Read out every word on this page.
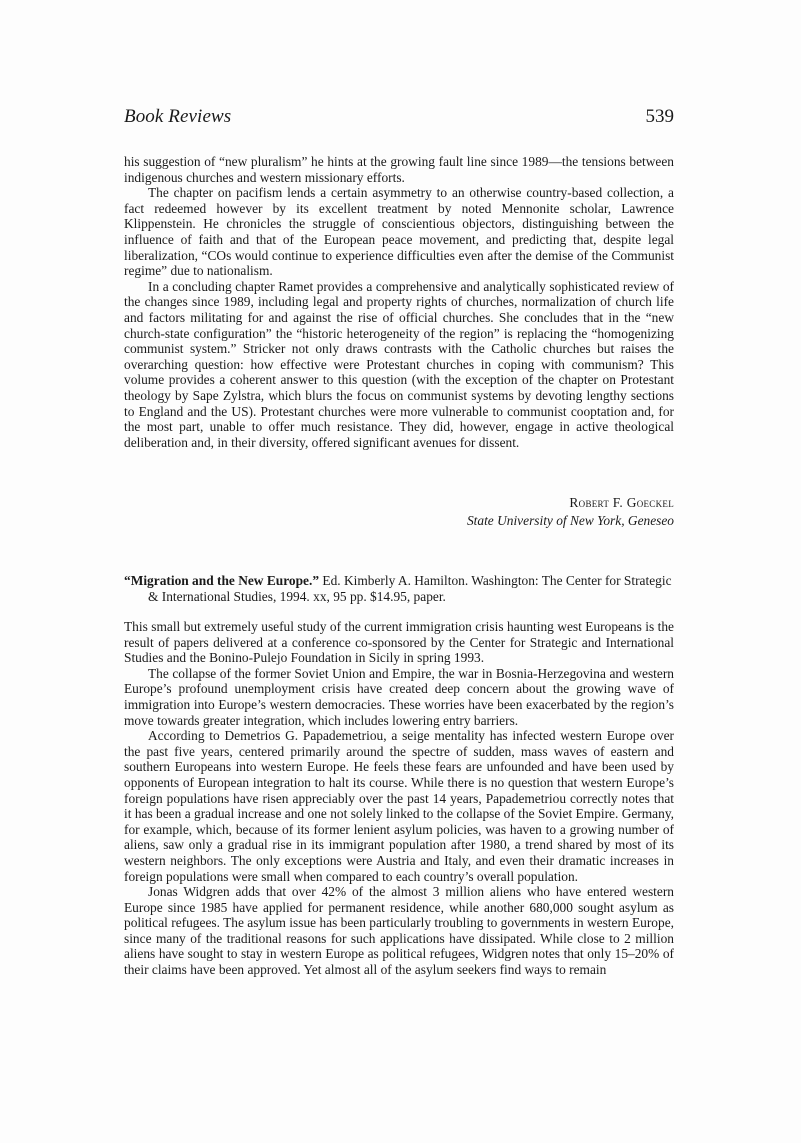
Book Reviews	539

his suggestion of “new pluralism” he hints at the growing fault line since 1989—the tensions between indigenous churches and western missionary efforts.

The chapter on pacifism lends a certain asymmetry to an otherwise country-based collection, a fact redeemed however by its excellent treatment by noted Mennonite scholar, Lawrence Klippenstein. He chronicles the struggle of conscientious objectors, distinguishing between the influence of faith and that of the European peace movement, and predicting that, despite legal liberalization, “COs would continue to experience difficulties even after the demise of the Communist regime” due to nationalism.

In a concluding chapter Ramet provides a comprehensive and analytically sophisticated review of the changes since 1989, including legal and property rights of churches, normalization of church life and factors militating for and against the rise of official churches. She concludes that in the “new church-state configuration” the “historic heterogeneity of the region” is replacing the “homogenizing communist system.” Stricker not only draws contrasts with the Catholic churches but raises the overarching question: how effective were Protestant churches in coping with communism? This volume provides a coherent answer to this question (with the exception of the chapter on Protestant theology by Sape Zylstra, which blurs the focus on communist systems by devoting lengthy sections to England and the US). Protestant churches were more vulnerable to communist cooptation and, for the most part, unable to offer much resistance. They did, however, engage in active theological deliberation and, in their diversity, offered significant avenues for dissent.

Robert F. Goeckel
State University of New York, Geneseo
“Migration and the New Europe.” Ed. Kimberly A. Hamilton. Washington: The Center for Strategic & International Studies, 1994. xx, 95 pp. $14.95, paper.

This small but extremely useful study of the current immigration crisis haunting west Europeans is the result of papers delivered at a conference co-sponsored by the Center for Strategic and International Studies and the Bonino-Pulejo Foundation in Sicily in spring 1993.

The collapse of the former Soviet Union and Empire, the war in Bosnia-Herzegovina and western Europe’s profound unemployment crisis have created deep concern about the growing wave of immigration into Europe’s western democracies. These worries have been exacerbated by the region’s move towards greater integration, which includes lowering entry barriers.

According to Demetrios G. Papademetriou, a seige mentality has infected western Europe over the past five years, centered primarily around the spectre of sudden, mass waves of eastern and southern Europeans into western Europe. He feels these fears are unfounded and have been used by opponents of European integration to halt its course. While there is no question that western Europe’s foreign populations have risen appreciably over the past 14 years, Papademetriou correctly notes that it has been a gradual increase and one not solely linked to the collapse of the Soviet Empire. Germany, for example, which, because of its former lenient asylum policies, was haven to a growing number of aliens, saw only a gradual rise in its immigrant population after 1980, a trend shared by most of its western neighbors. The only exceptions were Austria and Italy, and even their dramatic increases in foreign populations were small when compared to each country’s overall population.

Jonas Widgren adds that over 42% of the almost 3 million aliens who have entered western Europe since 1985 have applied for permanent residence, while another 680,000 sought asylum as political refugees. The asylum issue has been particularly troubling to governments in western Europe, since many of the traditional reasons for such applications have dissipated. While close to 2 million aliens have sought to stay in western Europe as political refugees, Widgren notes that only 15–20% of their claims have been approved. Yet almost all of the asylum seekers find ways to remain
